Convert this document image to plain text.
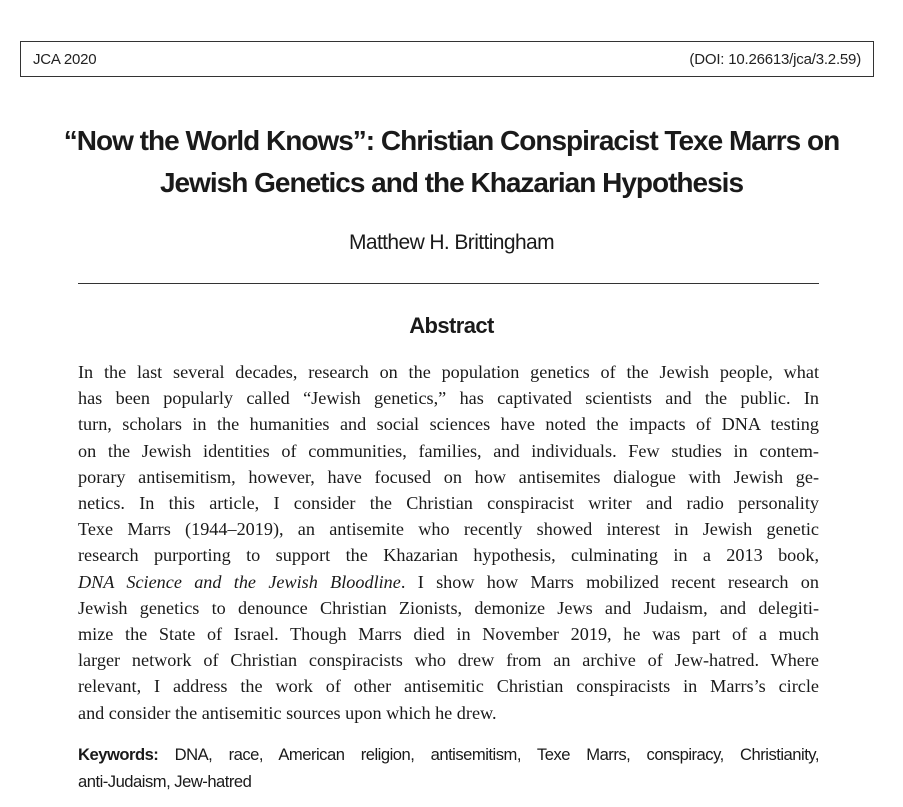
JCA 2020	(DOI: 10.26613/jca/3.2.59)
“Now the World Knows”: Christian Conspiracist Texe Marrs on
Jewish Genetics and the Khazarian Hypothesis
Matthew H. Brittingham
Abstract
In the last several decades, research on the population genetics of the Jewish people, what
has been popularly called “Jewish genetics,” has captivated scientists and the public. In
turn, scholars in the humanities and social sciences have noted the impacts of DNA testing
on the Jewish identities of communities, families, and individuals. Few studies in contem-
porary antisemitism, however, have focused on how antisemites dialogue with Jewish ge-
netics. In this article, I consider the Christian conspiracist writer and radio personality
Texe Marrs (1944–2019), an antisemite who recently showed interest in Jewish genetic
research purporting to support the Khazarian hypothesis, culminating in a 2013 book,
DNA Science and the Jewish Bloodline. I show how Marrs mobilized recent research on
Jewish genetics to denounce Christian Zionists, demonize Jews and Judaism, and delegiti-
mize the State of Israel. Though Marrs died in November 2019, he was part of a much
larger network of Christian conspiracists who drew from an archive of Jew-hatred. Where
relevant, I address the work of other antisemitic Christian conspiracists in Marrs’s circle
and consider the antisemitic sources upon which he drew.
Keywords: DNA, race, American religion, antisemitism, Texe Marrs, conspiracy, Christianity,
anti-Judaism, Jew-hatred
